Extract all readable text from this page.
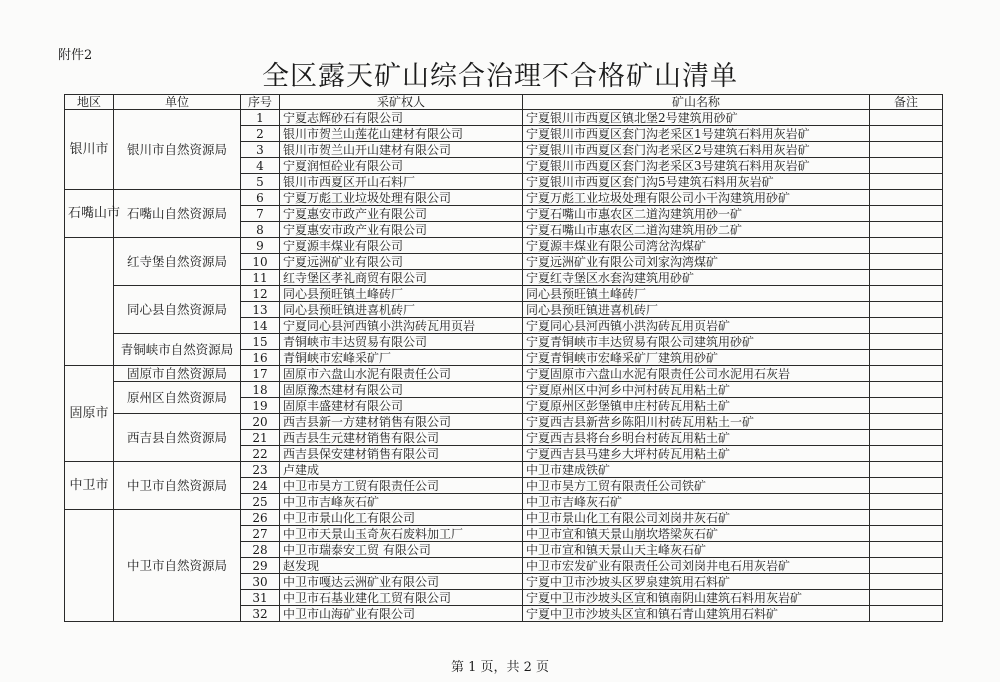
附件2
全区露天矿山综合治理不合格矿山清单
地区	单位	序号	采矿权人	矿山名称	备注
银川市	银川市自然资源局	1	宁夏志辉砂石有限公司	宁夏银川市西夏区镇北堡2号建筑用砂矿	
		2	银川市贺兰山莲花山建材有限公司	宁夏银川市西夏区套门沟老采区1号建筑石料用灰岩矿	
		3	银川市贺兰山开山建材有限公司	宁夏银川市西夏区套门沟老采区2号建筑石料用灰岩矿	
		4	宁夏润恒砼业有限公司	宁夏银川市西夏区套门沟老采区3号建筑石料用灰岩矿	
		5	银川市西夏区开山石料厂	宁夏银川市西夏区套门沟5号建筑石料用灰岩矿	
石嘴山市	石嘴山自然资源局	6	宁夏万彪工业垃圾处理有限公司	宁夏万彪工业垃圾处理有限公司小干沟建筑用砂矿	
		7	宁夏惠安市政产业有限公司	宁夏石嘴山市惠农区二道沟建筑用砂一矿	
		8	宁夏惠安市政产业有限公司	宁夏石嘴山市惠农区二道沟建筑用砂二矿	
	红寺堡自然资源局	9	宁夏源丰煤业有限公司	宁夏源丰煤业有限公司湾岔沟煤矿	
		10	宁夏远洲矿业有限公司	宁夏远洲矿业有限公司刘家沟湾煤矿	
		11	红寺堡区孝礼商贸有限公司	宁夏红寺堡区水套沟建筑用砂矿	
	同心县自然资源局	12	同心县预旺镇土峰砖厂	同心县预旺镇土峰砖厂	
		13	同心县预旺镇进喜机砖厂	同心县预旺镇进喜机砖厂	
		14	宁夏同心县河西镇小洪沟砖瓦用页岩	宁夏同心县河西镇小洪沟砖瓦用页岩矿	
	青铜峡市自然资源局	15	青铜峡市丰达贸易有限公司	宁夏青铜峡市丰达贸易有限公司建筑用砂矿	
		16	青铜峡市宏峰采矿厂	宁夏青铜峡市宏峰采矿厂建筑用砂矿	
固原市	固原市自然资源局	17	固原市六盘山水泥有限责任公司	宁夏固原市六盘山水泥有限责任公司水泥用石灰岩	
	原州区自然资源局	18	固原豫杰建材有限公司	宁夏原州区中河乡中河村砖瓦用粘土矿	
		19	固原丰盛建材有限公司	宁夏原州区彭堡镇申庄村砖瓦用粘土矿	
	西吉县自然资源局	20	西吉县新一方建材销售有限公司	宁夏西吉县新营乡陈阳川村砖瓦用粘土一矿	
		21	西吉县生元建材销售有限公司	宁夏西吉县将台乡明台村砖瓦用粘土矿	
		22	西吉县保安建材销售有限公司	宁夏西吉县马建乡大坪村砖瓦用粘土矿	
中卫市	中卫市自然资源局	23	卢建成	中卫市建成铁矿	
		24	中卫市昊方工贸有限责任公司	中卫市昊方工贸有限责任公司铁矿	
		25	中卫市吉峰灰石矿	中卫市吉峰灰石矿	
	中卫市自然资源局	26	中卫市景山化工有限公司	中卫市景山化工有限公司刘岗井灰石矿	
		27	中卫市天景山玉奇灰石废料加工厂	中卫市宣和镇天景山崩坎塔梁灰石矿	
		28	中卫市瑞泰安工贸 有限公司	中卫市宣和镇天景山天主峰灰石矿	
		29	赵发现	中卫市宏发矿业有限责任公司刘岗井电石用灰岩矿	
		30	中卫市嘎达云洲矿业有限公司	宁夏中卫市沙坡头区罗泉建筑用石料矿	
		31	中卫市石基业建化工贸有限公司	宁夏中卫市沙坡头区宣和镇南阴山建筑石料用灰岩矿	
		32	中卫市山海矿业有限公司	宁夏中卫市沙坡头区宣和镇石青山建筑用石料矿	
第 1 页，共 2 页
